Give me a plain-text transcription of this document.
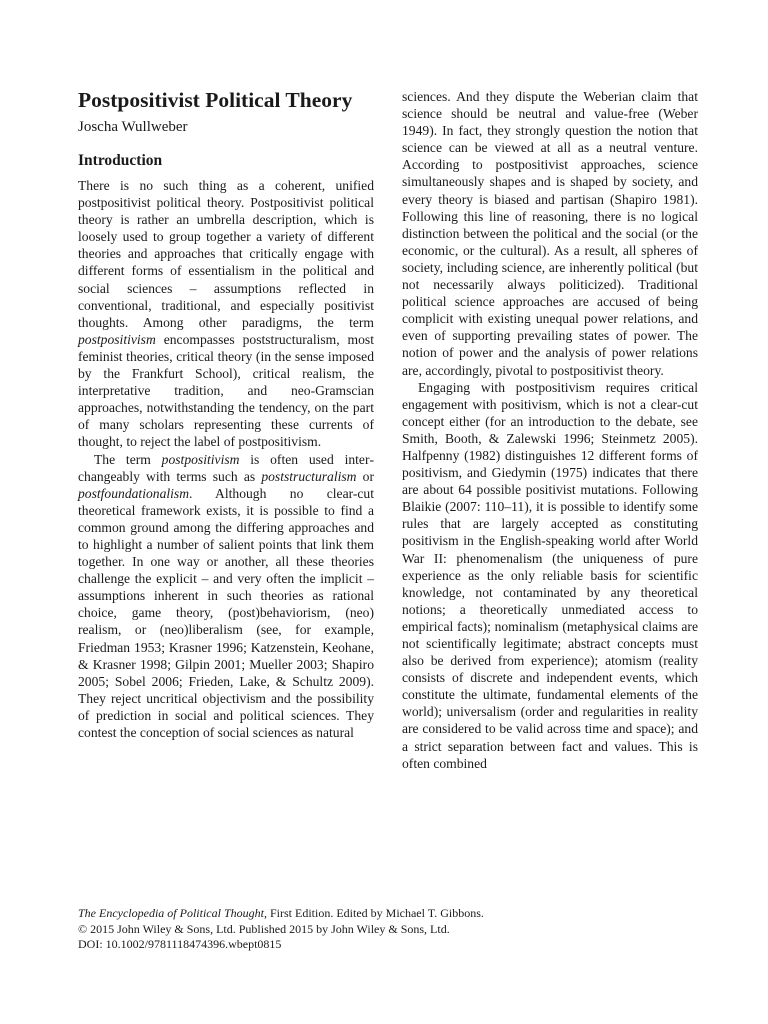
Postpositivist Political Theory
Joscha Wullweber
Introduction

There is no such thing as a coherent, unified postpositivist political theory. Postpositivist political theory is rather an umbrella description, which is loosely used to group together a variety of different theories and approaches that critically engage with different forms of essentialism in the political and social sciences – assumptions reflected in conventional, traditional, and especially positivist thoughts. Among other paradigms, the term postpositivism encompasses poststructuralism, most feminist theories, critical theory (in the sense imposed by the Frankfurt School), critical realism, the interpretative tradition, and neo-Gramscian approaches, notwithstanding the tendency, on the part of many scholars representing these currents of thought, to reject the label of postpositivism.

The term postpositivism is often used interchangeably with terms such as poststructuralism or postfoundationalism. Although no clear-cut theoretical framework exists, it is possible to find a common ground among the differing approaches and to highlight a number of salient points that link them together. In one way or another, all these theories challenge the explicit – and very often the implicit – assumptions inherent in such theories as rational choice, game theory, (post)behaviorism, (neo) realism, or (neo)liberalism (see, for example, Friedman 1953; Krasner 1996; Katzenstein, Keohane, & Krasner 1998; Gilpin 2001; Mueller 2003; Shapiro 2005; Sobel 2006; Frieden, Lake, & Schultz 2009). They reject uncritical objectivism and the possibility of prediction in social and political sciences. They contest the conception of social sciences as natural

sciences. And they dispute the Weberian claim that science should be neutral and value-free (Weber 1949). In fact, they strongly question the notion that science can be viewed at all as a neutral venture. According to postpositivist approaches, science simultaneously shapes and is shaped by society, and every theory is biased and partisan (Shapiro 1981). Following this line of reasoning, there is no logical distinction between the political and the social (or the economic, or the cultural). As a result, all spheres of society, including science, are inherently political (but not necessarily always politicized). Traditional political science approaches are accused of being complicit with existing unequal power relations, and even of supporting prevailing states of power. The notion of power and the analysis of power relations are, accordingly, pivotal to postpositivist theory.

Engaging with postpositivism requires critical engagement with positivism, which is not a clear-cut concept either (for an introduction to the debate, see Smith, Booth, & Zalewski 1996; Steinmetz 2005). Halfpenny (1982) distinguishes 12 different forms of positivism, and Giedymin (1975) indicates that there are about 64 possible positivist mutations. Following Blaikie (2007: 110–11), it is possible to identify some rules that are largely accepted as constituting positivism in the English-speaking world after World War II: phenomenalism (the uniqueness of pure experience as the only reliable basis for scientific knowledge, not contaminated by any theoretical notions; a theoretically unmediated access to empirical facts); nominalism (metaphysical claims are not scientifically legitimate; abstract concepts must also be derived from experience); atomism (reality consists of discrete and independent events, which constitute the ultimate, fundamental elements of the world); universalism (order and regularities in reality are considered to be valid across time and space); and a strict separation between fact and values. This is often combined

The Encyclopedia of Political Thought, First Edition. Edited by Michael T. Gibbons.
© 2015 John Wiley & Sons, Ltd. Published 2015 by John Wiley & Sons, Ltd.
DOI: 10.1002/9781118474396.wbept0815
